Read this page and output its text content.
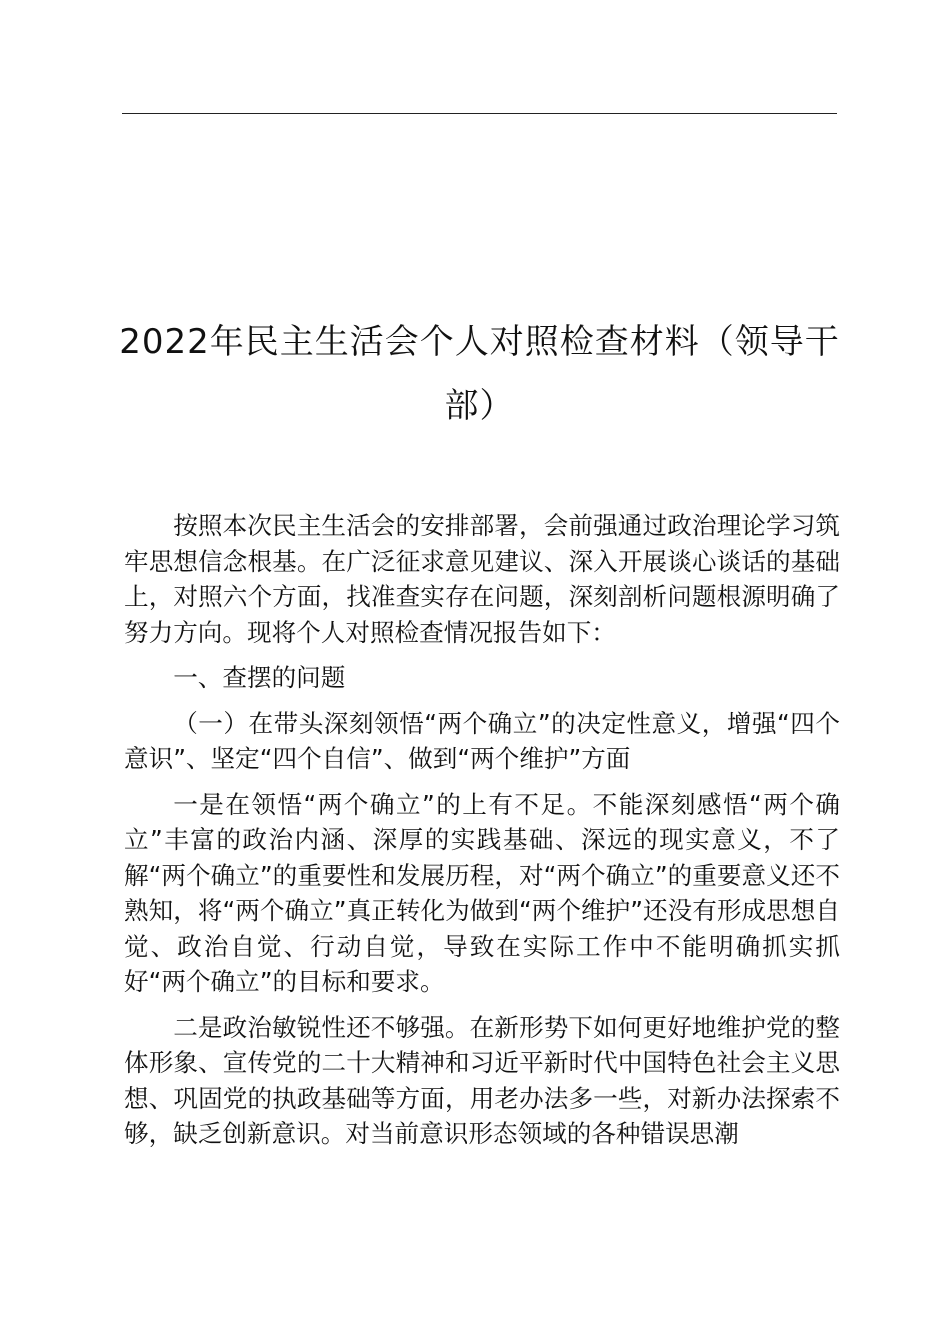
2022年民主生活会个人对照检查材料（领导干部）

按照本次民主生活会的安排部署，会前强通过政治理论学习筑牢思想信念根基。在广泛征求意见建议、深入开展谈心谈话的基础上，对照六个方面，找准查实存在问题，深刻剖析问题根源明确了努力方向。现将个人对照检查情况报告如下：

一、查摆的问题

（一）在带头深刻领悟“两个确立”的决定性意义，增强“四个意识”、坚定“四个自信”、做到“两个维护”方面

一是在领悟“两个确立”的上有不足。不能深刻感悟“两个确立”丰富的政治内涵、深厚的实践基础、深远的现实意义，不了解“两个确立”的重要性和发展历程，对“两个确立”的重要意义还不熟知，将“两个确立”真正转化为做到“两个维护”还没有形成思想自觉、政治自觉、行动自觉，导致在实际工作中不能明确抓实抓好“两个确立”的目标和要求。

二是政治敏锐性还不够强。在新形势下如何更好地维护党的整体形象、宣传党的二十大精神和习近平新时代中国特色社会主义思想、巩固党的执政基础等方面，用老办法多一些，对新办法探索不够，缺乏创新意识。对当前意识形态领域的各种错误思潮
